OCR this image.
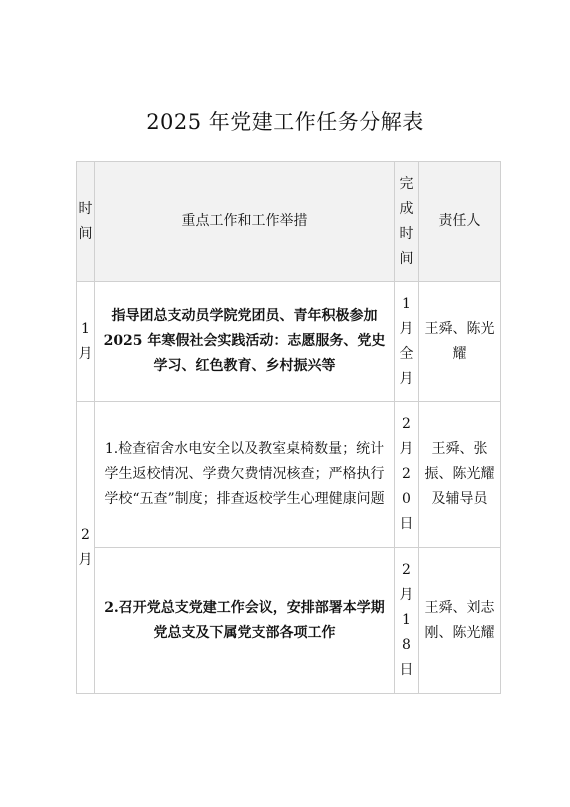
2025 年党建工作任务分解表
时间	重点工作和工作举措	完成时间	责任人

1月	指导团总支动员学院党团员、青年积极参加 2025 年寒假社会实践活动：志愿服务、党史学习、红色教育、乡村振兴等	1月全月	王舜、陈光耀

2月	1.检查宿舍水电安全以及教室桌椅数量；统计学生返校情况、学费欠费情况核查；严格执行学校“五查”制度；排查返校学生心理健康问题	2月20日	王舜、张振、陈光耀及辅导员

	2.召开党总支党建工作会议，安排部署本学期党总支及下属党支部各项工作	2月18日	王舜、刘志刚、陈光耀
